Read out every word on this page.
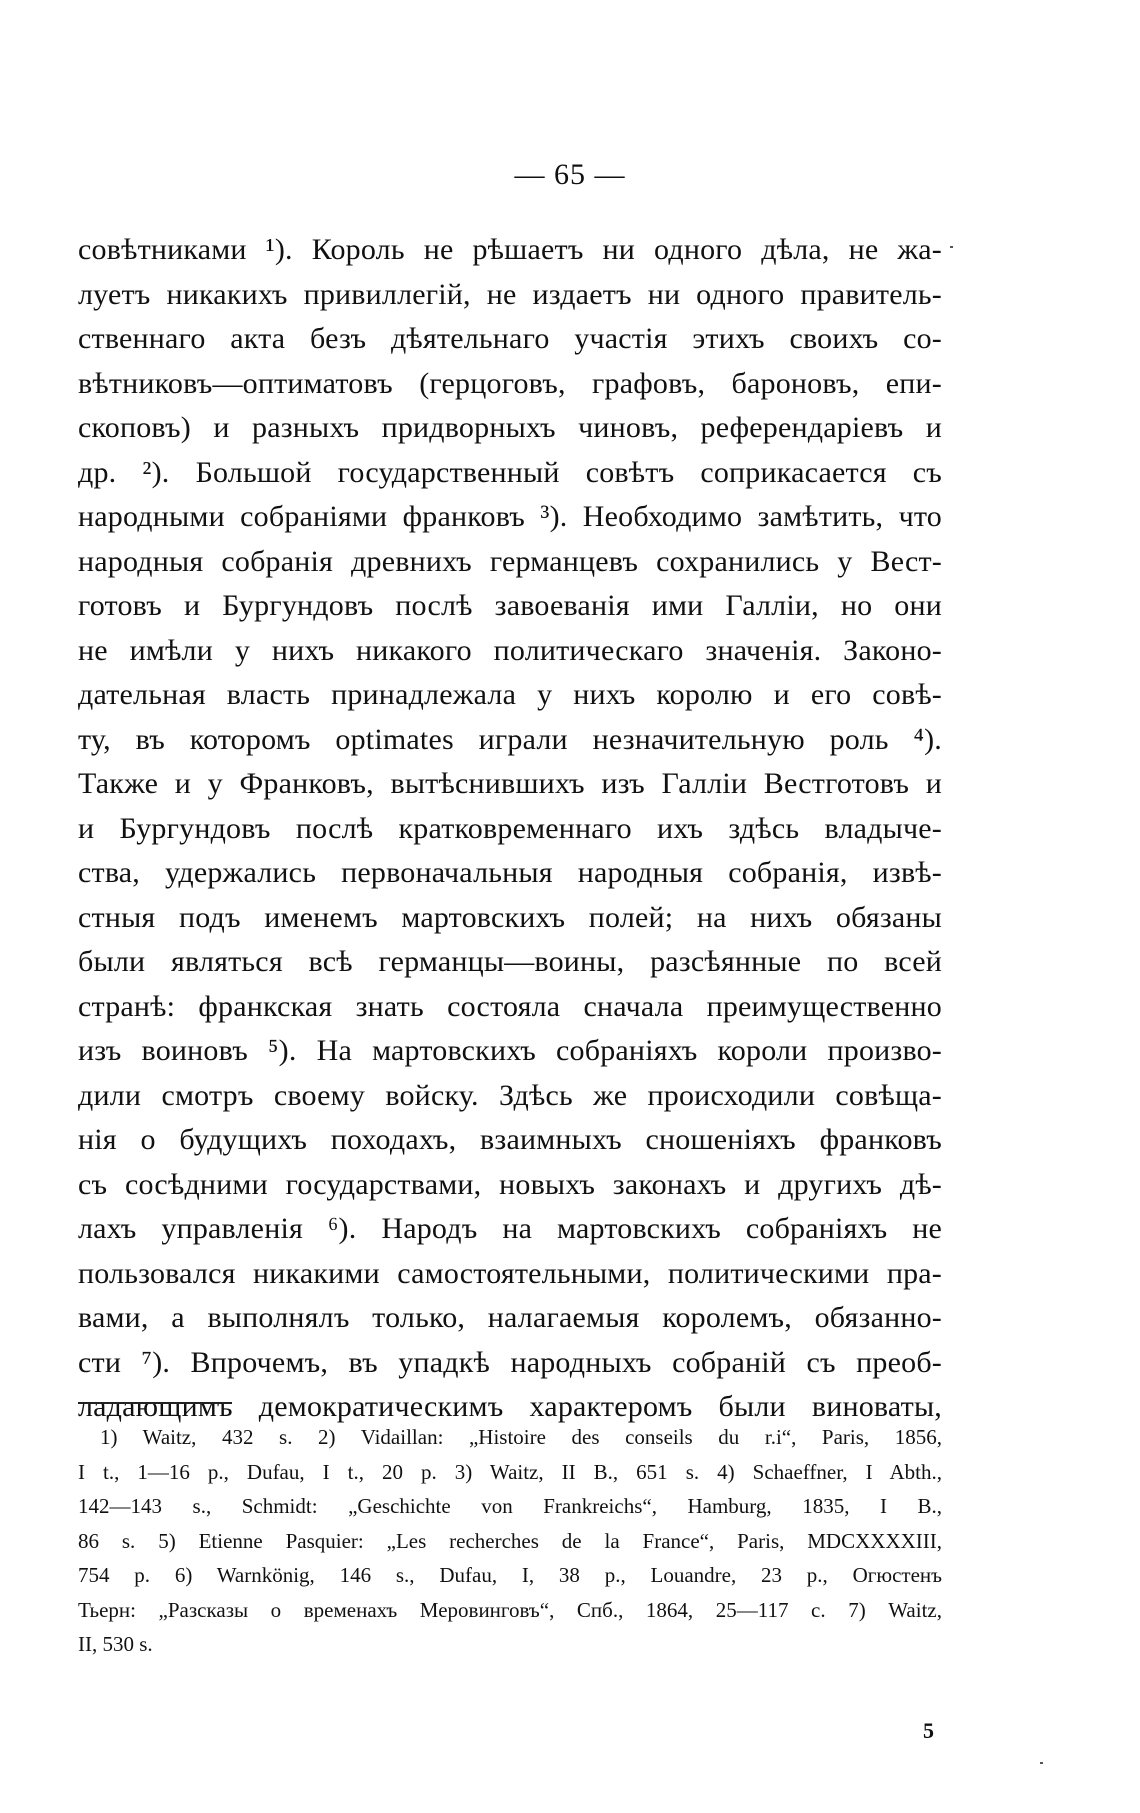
— 65 —
совѣтниками ¹). Король не рѣшаетъ ни одного дѣла, не жа-
луетъ никакихъ привиллегій, не издаетъ ни одного правитель-
ственнаго акта безъ дѣятельнаго участія этихъ своихъ со-
вѣтниковъ—оптиматовъ (герцоговъ, графовъ, бароновъ, епи-
скоповъ) и разныхъ придворныхъ чиновъ, референдаріевъ и
др. ²). Большой государственный совѣтъ соприкасается съ
народными собраніями франковъ ³). Необходимо замѣтить, что
народныя собранія древнихъ германцевъ сохранились у Вест-
готовъ и Бургундовъ послѣ завоеванія ими Галліи, но они
не имѣли у нихъ никакого политическаго значенія. Законо-
дательная власть принадлежала у нихъ королю и его совѣ-
ту, въ которомъ optimates играли незначительную роль ⁴).
Также и у Франковъ, вытѣснившихъ изъ Галліи Вестготовъ и
и Бургундовъ послѣ кратковременнаго ихъ здѣсь владыче-
ства, удержались первоначальныя народныя собранія, извѣ-
стныя подъ именемъ мартовскихъ полей; на нихъ обязаны
были являться всѣ германцы—воины, разсѣянные по всей
странѣ: франкская знать состояла сначала преимущественно
изъ воиновъ ⁵). На мартовскихъ собраніяхъ короли произво-
дили смотръ своему войску. Здѣсь же происходили совѣща-
нія о будущихъ походахъ, взаимныхъ сношеніяхъ франковъ
съ сосѣдними государствами, новыхъ законахъ и другихъ дѣ-
лахъ управленія ⁶). Народъ на мартовскихъ собраніяхъ не
пользовался никакими самостоятельными, политическими пра-
вами, а выполнялъ только, налагаемыя королемъ, обязанно-
сти ⁷). Впрочемъ, въ упадкѣ народныхъ собраній съ преоб-
ладающимъ демократическимъ характеромъ были виноваты,
1) Waitz, 432 s. 2) Vidaillan: „Histoire des conseils du r.i“, Paris, 1856,
I t., 1—16 p., Dufau, I t., 20 p. 3) Waitz, II B., 651 s. 4) Schaeffner, I Abth.,
142—143 s., Schmidt: „Geschichte von Frankreichs“, Hamburg, 1835, I B.,
86 s. 5) Etienne Pasquier: „Les recherches de la France“, Paris, MDCXXXXIII,
754 p. 6) Warnkönig, 146 s., Dufau, I, 38 p., Louandre, 23 p., Огюстенъ
Тьерн: „Разсказы о временахъ Меровинговъ“, Спб., 1864, 25—117 с. 7) Waitz,
II, 530 s.
5
